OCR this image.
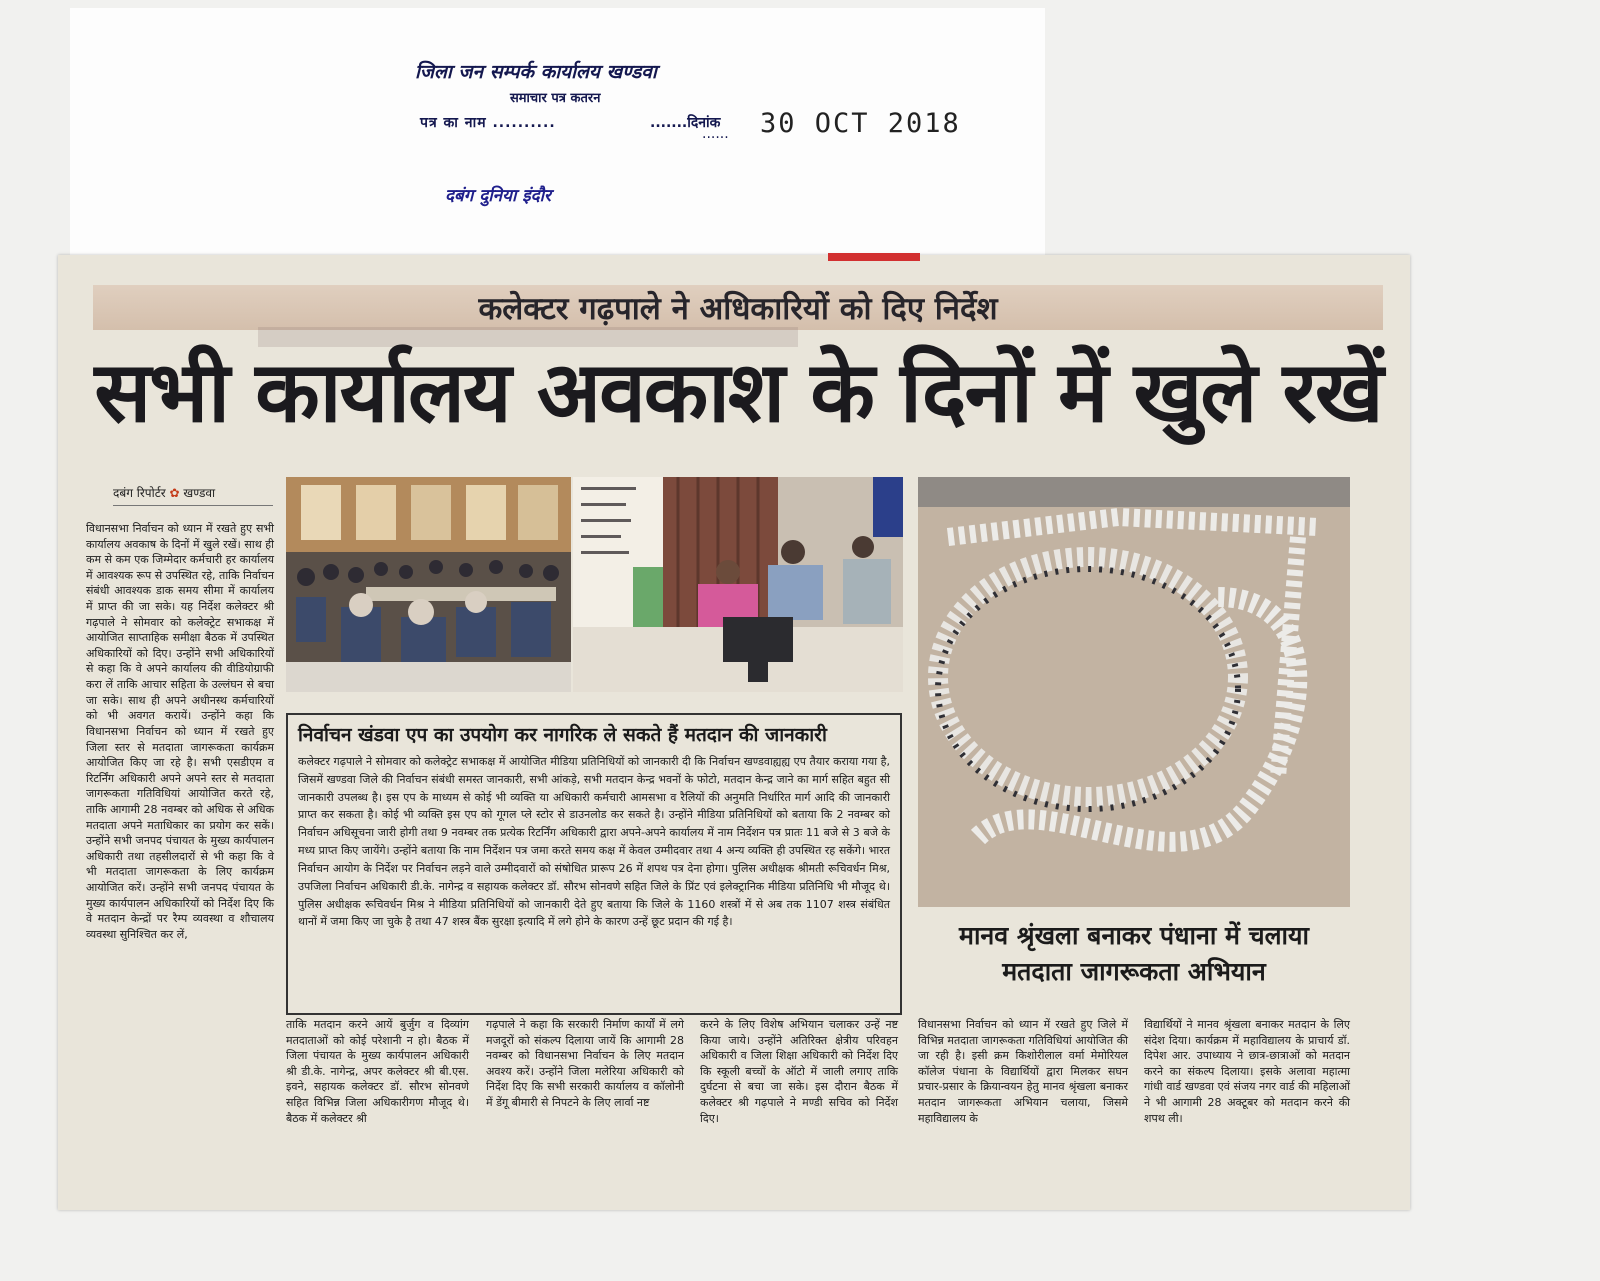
जिला जन सम्पर्क कार्यालय खण्डवा
समाचार पत्र कतरन
पत्र का नाम ..........	.......दिनांक
...... 30 OCT 2018
दबंग दुनिया इंदौर
कलेक्टर गढ़पाले ने अधिकारियों को दिए निर्देश
सभी कार्यालय अवकाश के दिनों में खुले रखें
दबंग रिपोर्टर ✿ खण्डवा
विधानसभा निर्वाचन को ध्यान में रखते हुए सभी कार्यालय अवकाष के दिनों में खुले रखें। साथ ही कम से कम एक जिम्मेदार कर्मचारी हर कार्यालय में आवश्यक रूप से उपस्थित रहे, ताकि निर्वाचन संबंधी आवश्यक डाक समय सीमा में कार्यालय में प्राप्त की जा सके। यह निर्देश कलेक्टर श्री गढ़पाले ने सोमवार को कलेक्ट्रेट सभाकक्ष में आयोजित साप्ताहिक समीक्षा बैठक में उपस्थित अधिकारियों को दिए। उन्होंने सभी अधिकारियों से कहा कि वे अपने कार्यालय की वीडियोग्राफी करा लें ताकि आचार सहिता के उल्लंघन से बचा जा सके। साथ ही अपने अधीनस्थ कर्मचारियों को भी अवगत करायें। उन्होंने कहा कि विधानसभा निर्वाचन को ध्यान में रखते हुए जिला स्तर से मतदाता जागरूकता कार्यक्रम आयोजित किए जा रहे है। सभी एसडीएम व रिटर्निंग अधिकारी अपने अपने स्तर से मतदाता जागरूकता गतिविधियां आयोजित करते रहे, ताकि आगामी 28 नवम्बर को अधिक से अधिक मतदाता अपने मताधिकार का प्रयोग कर सकें। उन्होंने सभी जनपद पंचायत के मुख्य कार्यपालन अधिकारी तथा तहसीलदारों से भी कहा कि वे भी मतदाता जागरूकता के लिए कार्यक्रम आयोजित करें। उन्होंने सभी जनपद पंचायत के मुख्य कार्यपालन अधिकारियों को निर्देश दिए कि वे मतदान केन्द्रों पर रैम्प व्यवस्था व शौचालय व्यवस्था सुनिश्चित कर लें,
निर्वाचन खंडवा एप का उपयोग कर नागरिक ले सकते हैं मतदान की जानकारी
कलेक्टर गढ़पाले ने सोमवार को कलेक्ट्रेट सभाकक्ष में आयोजित मीडिया प्रतिनिधियों को जानकारी दी कि निर्वाचन खण्डवाह्यह्य एप तैयार कराया गया है, जिसमें खण्डवा जिले की निर्वाचन संबंधी समस्त जानकारी, सभी आंकड़े, सभी मतदान केन्द्र भवनों के फोटो, मतदान केन्द्र जाने का मार्ग सहित बहुत सी जानकारी उपलब्ध है। इस एप के माध्यम से कोई भी व्यक्ति या अधिकारी कर्मचारी आमसभा व रैलियों की अनुमति निर्धारित मार्ग आदि की जानकारी प्राप्त कर सकता है। कोई भी व्यक्ति इस एप को गूगल प्ले स्टोर से डाउनलोड कर सकते है। उन्होंने मीडिया प्रतिनिधियों को बताया कि 2 नवम्बर को निर्वाचन अधिसूचना जारी होगी तथा 9 नवम्बर तक प्रत्येक रिटर्निंग अधिकारी द्वारा अपने-अपने कार्यालय में नाम निर्देशन पत्र प्रातः 11 बजे से 3 बजे के मध्य प्राप्त किए जायेंगे। उन्होंने बताया कि नाम निर्देशन पत्र जमा करते समय कक्ष में केवल उम्मीदवार तथा 4 अन्य व्यक्ति ही उपस्थित रह सकेंगे। भारत निर्वाचन आयोग के निर्देश पर निर्वाचन लड़ने वाले उम्मीदवारों को संषोधित प्रारूप 26 में शपथ पत्र देना होगा। पुलिस अधीक्षक श्रीमती रूचिवर्धन मिश्र, उपजिला निर्वाचन अधिकारी डी.के. नागेन्द्र व सहायक कलेक्टर डॉ. सौरभ सोनवणे सहित जिले के प्रिंट एवं इलेक्ट्रानिक मीडिया प्रतिनिधि भी मौजूद थे। पुलिस अधीक्षक रूचिवर्धन मिश्र ने मीडिया प्रतिनिधियों को जानकारी देते हुए बताया कि जिले के 1160 शस्त्रों में से अब तक 1107 शस्त्र संबंधित थानों में जमा किए जा चुके है तथा 47 शस्त्र बैंक सुरक्षा इत्यादि में लगे होने के कारण उन्हें छूट प्रदान की गई है।	मानव श्रृंखला बनाकर पंधाना में चलाया
मतदाता जागरूकता अभियान
ताकि मतदान करने आयें बुर्जुग व दिव्यांग मतदाताओं को कोई परेशानी न हो। बैठक में जिला पंचायत के मुख्य कार्यपालन अधिकारी श्री डी.के. नागेन्द्र, अपर कलेक्टर श्री बी.एस. इवने, सहायक कलेक्टर डॉ. सौरभ सोनवणे सहित विभिन्न जिला अधिकारीगण मौजूद थे। बैठक में कलेक्टर श्री
गढ़पाले ने कहा कि सरकारी निर्माण कार्यों में लगे मजदूरों को संकल्प दिलाया जायें कि आगामी 28 नवम्बर को विधानसभा निर्वाचन के लिए मतदान अवश्य करें। उन्होंने जिला मलेरिया अधिकारी को निर्देश दिए कि सभी सरकारी कार्यालय व कॉलोनी में डेंगू बीमारी से निपटने के लिए लार्वा नष्ट
करने के लिए विशेष अभियान चलाकर उन्हें नष्ट किया जाये। उन्होंने अतिरिक्त क्षेत्रीय परिवहन अधिकारी व जिला शिक्षा अधिकारी को निर्देश दिए कि स्कूली बच्चों के ऑटो में जाली लगाए ताकि दुर्घटना से बचा जा सके। इस दौरान बैठक में कलेक्टर श्री गढ़पाले ने मण्डी सचिव को निर्देश दिए।
विधानसभा निर्वाचन को ध्यान में रखते हुए जिले में विभिन्न मतदाता जागरूकता गतिविधियां आयोजित की जा रही है। इसी क्रम किशोरीलाल वर्मा मेमोरियल कॉलेज पंधाना के विद्यार्थियों द्वारा मिलकर सघन प्रचार-प्रसार के क्रियान्वयन हेतु मानव श्रृंखला बनाकर मतदान जागरूकता अभियान चलाया, जिसमे महाविद्यालय के
विद्यार्थियों ने मानव श्रृंखला बनाकर मतदान के लिए संदेश दिया। कार्यक्रम में महाविद्यालय के प्राचार्य डॉ. दिपेश आर. उपाध्याय ने छात्र-छात्राओं को मतदान करने का संकल्प दिलाया। इसके अलावा महात्मा गांधी वार्ड खण्डवा एवं संजय नगर वार्ड की महिलाओं ने भी आगामी 28 अक्टूबर को मतदान करने की शपथ ली।
